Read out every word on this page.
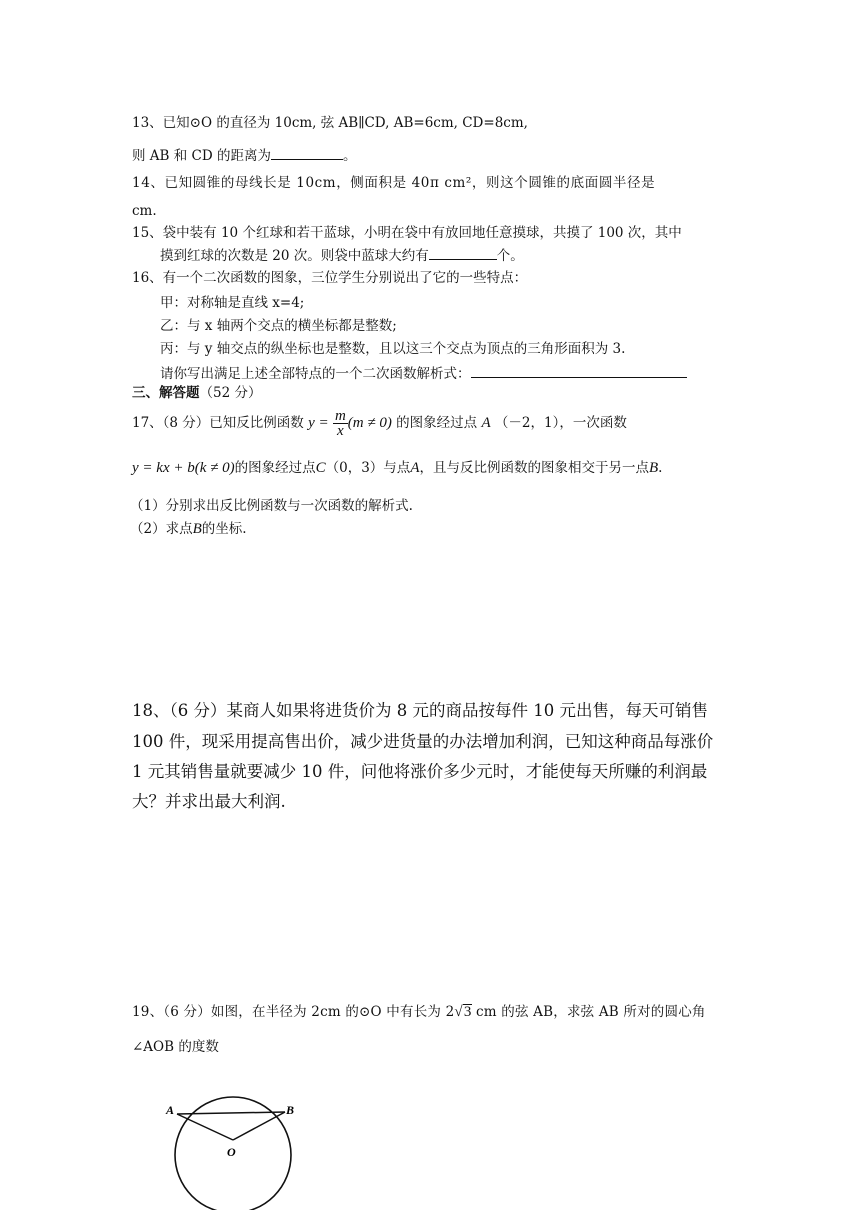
13、已知⊙O 的直径为 10cm, 弦 AB∥CD, AB=6cm, CD=8cm,
则 AB 和 CD 的距离为	。
14、已知圆锥的母线长是 10cm，侧面积是 40π cm²，则这个圆锥的底面圆半径是
cm.
15、袋中装有 10 个红球和若干蓝球，小明在袋中有放回地任意摸球，共摸了 100 次，其中
摸到红球的次数是 20 次。则袋中蓝球大约有	个。
16、有一个二次函数的图象，三位学生分别说出了它的一些特点：
甲：对称轴是直线 x=4;
乙：与 x 轴两个交点的横坐标都是整数;
丙：与 y 轴交点的纵坐标也是整数，且以这三个交点为顶点的三角形面积为 3.
请你写出满足上述全部特点的一个二次函数解析式：
三、解答题（52 分）
17、（8 分）已知反比例函数 $y = \frac{m}{x} (m \ne 0)$ 的图象经过点 A （－2，1），一次函数
y = kx + b(k ≠ 0)的图象经过点C（0，3）与点A，且与反比例函数的图象相交于另一点B.
（1）分别求出反比例函数与一次函数的解析式.
（2）求点B的坐标.
18、（6 分）某商人如果将进货价为 8 元的商品按每件 10 元出售，每天可销售
100 件，现采用提高售出价，减少进货量的办法增加利润，已知这种商品每涨价
1 元其销售量就要减少 10 件，问他将涨价多少元时，才能使每天所赚的利润最
大？并求出最大利润.
19、（6 分）如图，在半径为 2cm 的⊙O 中有长为 2√3 cm 的弦 AB，求弦 AB 所对的圆心角
∠AOB 的度数
A	B
O
